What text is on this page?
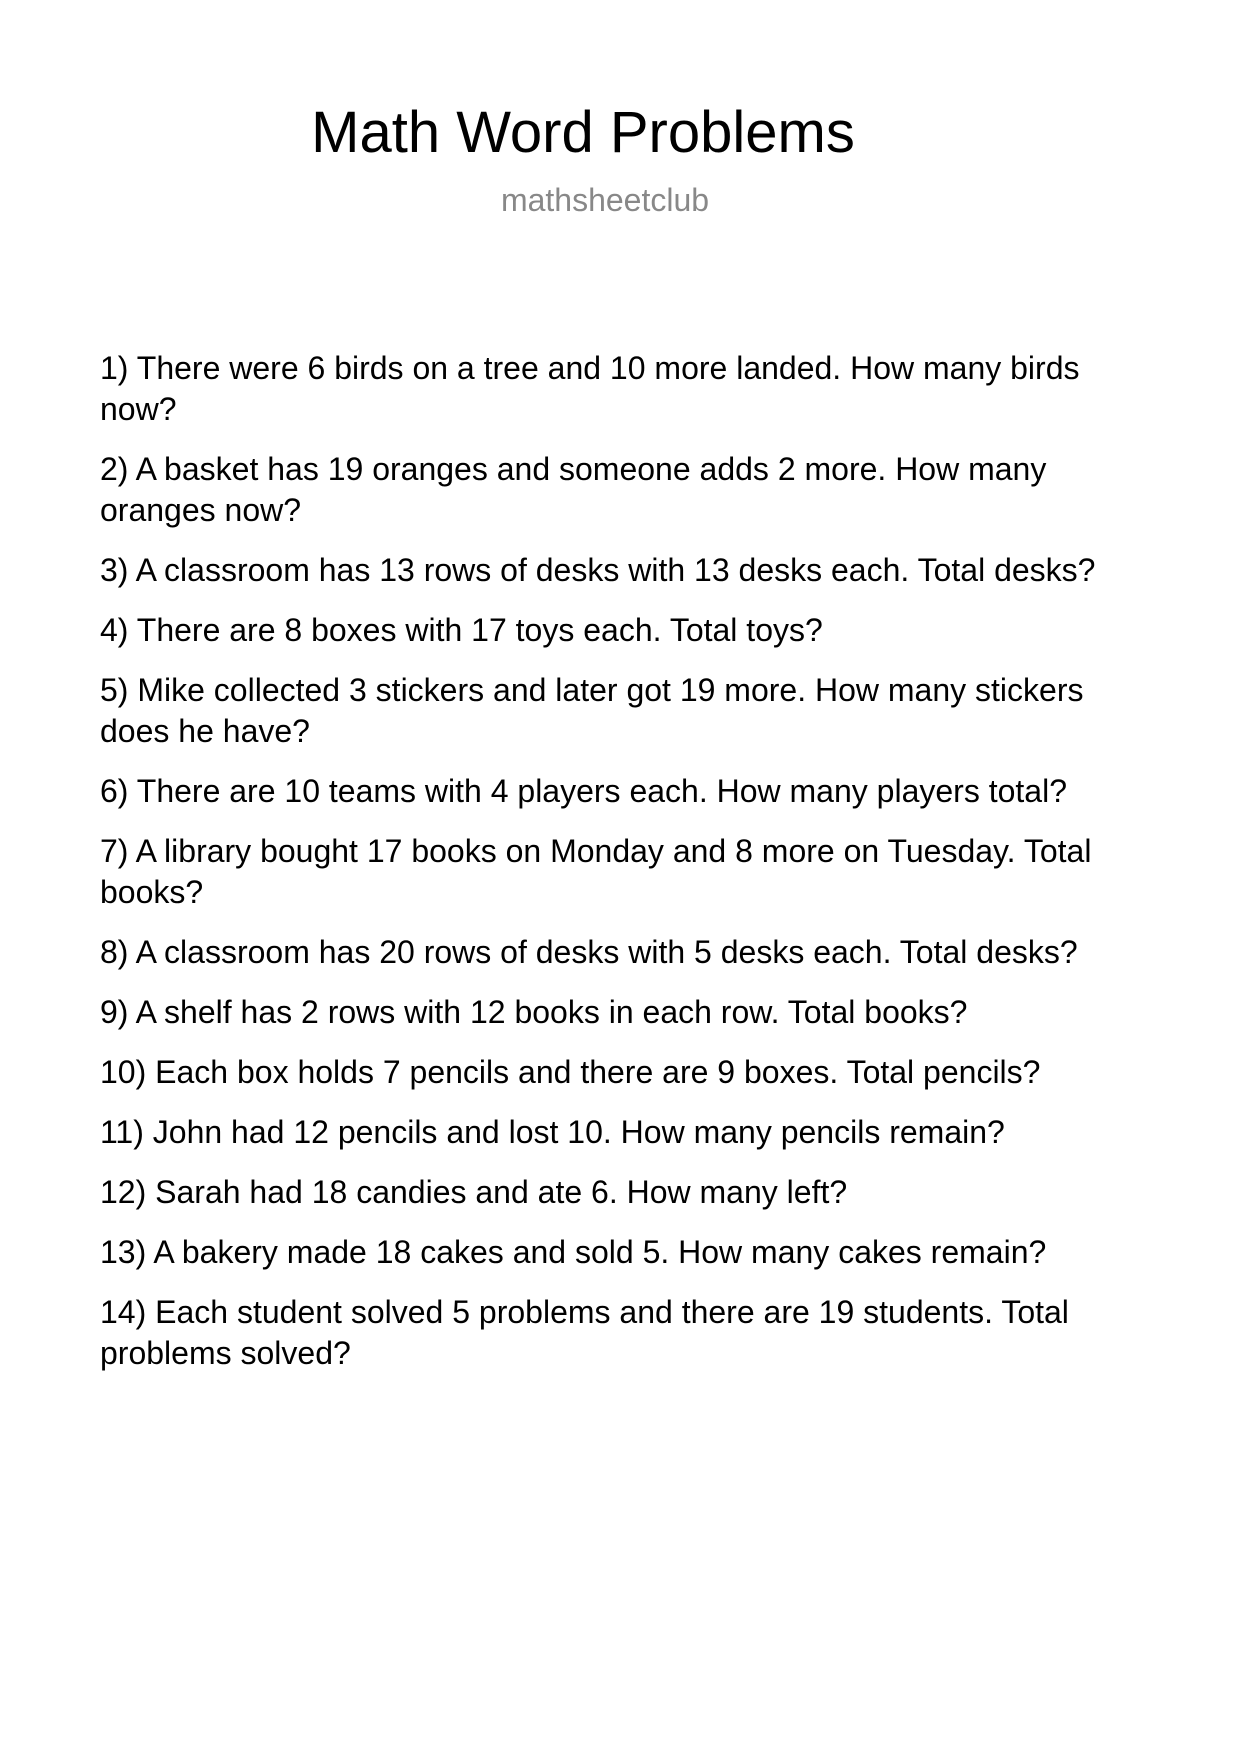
Math Word Problems
mathsheetclub
1) There were 6 birds on a tree and 10 more landed. How many birds now?
2) A basket has 19 oranges and someone adds 2 more. How many oranges now?
3) A classroom has 13 rows of desks with 13 desks each. Total desks?
4) There are 8 boxes with 17 toys each. Total toys?
5) Mike collected 3 stickers and later got 19 more. How many stickers does he have?
6) There are 10 teams with 4 players each. How many players total?
7) A library bought 17 books on Monday and 8 more on Tuesday. Total books?
8) A classroom has 20 rows of desks with 5 desks each. Total desks?
9) A shelf has 2 rows with 12 books in each row. Total books?
10) Each box holds 7 pencils and there are 9 boxes. Total pencils?
11) John had 12 pencils and lost 10. How many pencils remain?
12) Sarah had 18 candies and ate 6. How many left?
13) A bakery made 18 cakes and sold 5. How many cakes remain?
14) Each student solved 5 problems and there are 19 students. Total problems solved?
